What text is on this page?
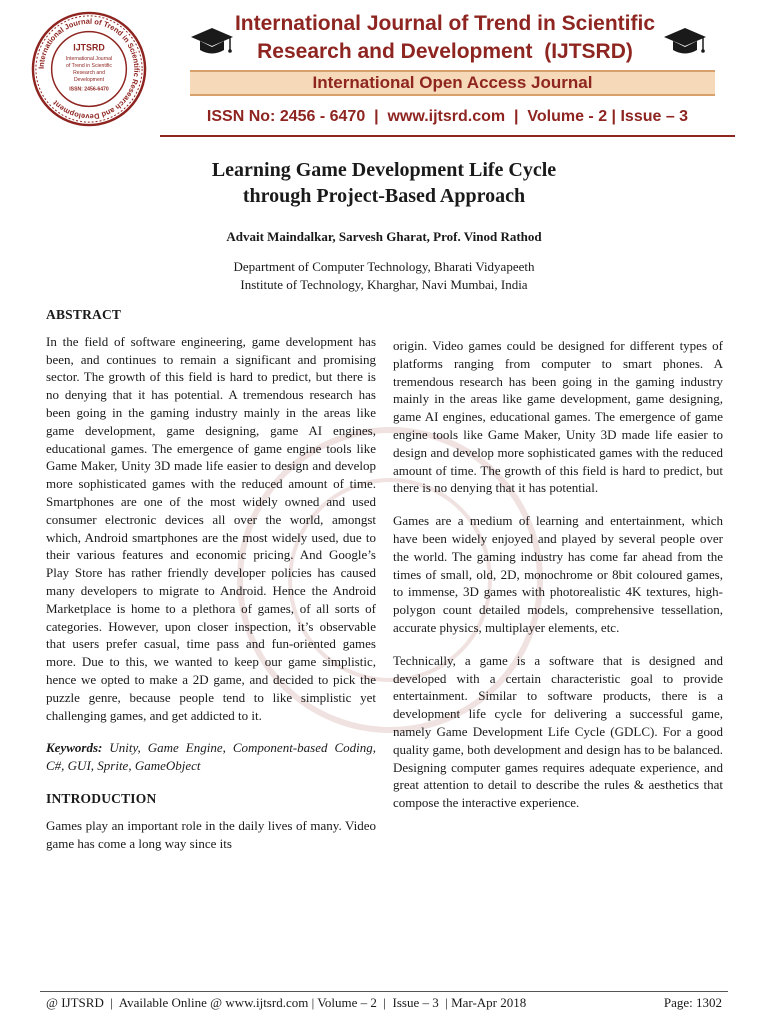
International Journal of Trend in Scientific Research and Development
IJTSRD
International Journal
of Trend in Scientific
Research and
Development
ISSN: 2456-6470
International Journal of Trend in Scientific
Research and Development  (IJTSRD)
International Open Access Journal
ISSN No: 2456 - 6470  |  www.ijtsrd.com  |  Volume - 2 | Issue – 3
Learning Game Development Life Cycle
through Project-Based Approach
Advait Maindalkar, Sarvesh Gharat, Prof. Vinod Rathod
Department of Computer Technology, Bharati Vidyapeeth
Institute of Technology, Kharghar, Navi Mumbai, India
ABSTRACT

In the field of software engineering, game development has been, and continues to remain a significant and promising sector. The growth of this field is hard to predict, but there is no denying that it has potential. A tremendous research has been going in the gaming industry mainly in the areas like game development, game designing, game AI engines, educational games. The emergence of game engine tools like Game Maker, Unity 3D made life easier to design and develop more sophisticated games with the reduced amount of time. Smartphones are one of the most widely owned and used consumer electronic devices all over the world, amongst which, Android smartphones are the most widely used, due to their various features and economic pricing. And Google’s Play Store has rather friendly developer policies has caused many developers to migrate to Android. Hence the Android Marketplace is home to a plethora of games, of all sorts of categories. However, upon closer inspection, it’s observable that users prefer casual, time pass and fun-oriented games more. Due to this, we wanted to keep our game simplistic, hence we opted to make a 2D game, and decided to pick the puzzle genre, because people tend to like simplistic yet challenging games, and get addicted to it.

Keywords: Unity, Game Engine, Component-based Coding, C#, GUI, Sprite, GameObject

INTRODUCTION

Games play an important role in the daily lives of many. Video game has come a long way since its

origin. Video games could be designed for different types of platforms ranging from computer to smart phones. A tremendous research has been going in the gaming industry mainly in the areas like game development, game designing, game AI engines, educational games. The emergence of game engine tools like Game Maker, Unity 3D made life easier to design and develop more sophisticated games with the reduced amount of time. The growth of this field is hard to predict, but there is no denying that it has potential.

Games are a medium of learning and entertainment, which have been widely enjoyed and played by several people over the world. The gaming industry has come far ahead from the times of small, old, 2D, monochrome or 8bit coloured games, to immense, 3D games with photorealistic 4K textures, high-polygon count detailed models, comprehensive tessellation, accurate physics, multiplayer elements, etc.

Technically, a game is a software that is designed and developed with a certain characteristic goal to provide entertainment. Similar to software products, there is a development life cycle for delivering a successful game, namely Game Development Life Cycle (GDLC). For a good quality game, both development and design has to be balanced. Designing computer games requires adequate experience, and great attention to detail to describe the rules & aesthetics that compose the interactive experience.

@ IJTSRD  |  Available Online @ www.ijtsrd.com | Volume – 2  |  Issue – 3  | Mar-Apr 2018	Page: 1302
